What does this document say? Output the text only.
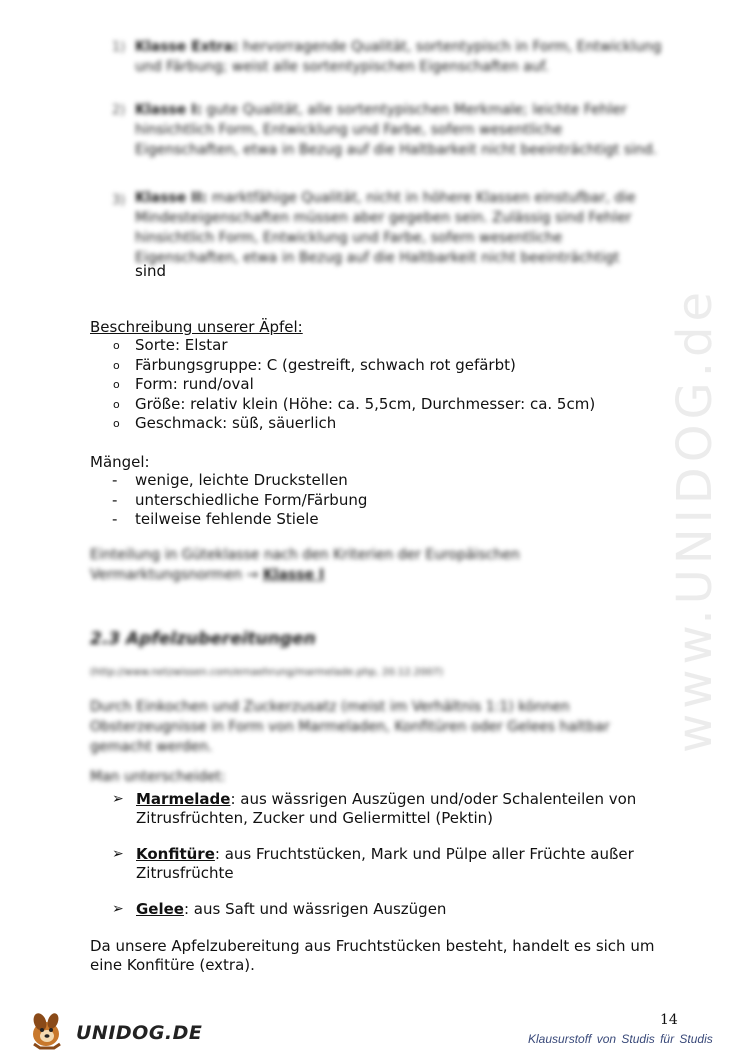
www.UNIDOG.de
1) Klasse Extra: hervorragende Qualität, sortentypisch in Form, Entwicklung und Färbung; weist alle sortentypischen Eigenschaften auf.
2) Klasse I: gute Qualität, alle sortentypischen Merkmale; leichte Fehler hinsichtlich Form, Entwicklung und Farbe, sofern wesentliche Eigenschaften, etwa in Bezug auf die Haltbarkeit nicht beeinträchtigt sind.
3) Klasse II: marktfähige Qualität, nicht in höhere Klassen einstufbar, die Mindesteigenschaften müssen aber gegeben sein. Zulässig sind Fehler hinsichtlich Form, Entwicklung und Farbe, sofern wesentliche Eigenschaften, etwa in Bezug auf die Haltbarkeit nicht beeinträchtigt
sind
Beschreibung unserer Äpfel:
o Sorte: Elstar
o Färbungsgruppe: C (gestreift, schwach rot gefärbt)
o Form: rund/oval
o Größe: relativ klein (Höhe: ca. 5,5cm, Durchmesser: ca. 5cm)
o Geschmack: süß, säuerlich
Mängel:
- wenige, leichte Druckstellen
- unterschiedliche Form/Färbung
- teilweise fehlende Stiele
Einteilung in Güteklasse nach den Kriterien der Europäischen Vermarktungsnormen → Klasse I
2.3 Apfelzubereitungen
(http://www.netzwissen.com/ernaehrung/marmelade.php, 20.12.2007)
Durch Einkochen und Zuckerzusatz (meist im Verhältnis 1:1) können Obsterzeugnisse in Form von Marmeladen, Konfitüren oder Gelees haltbar gemacht werden.
Man unterscheidet:
➢ Marmelade: aus wässrigen Auszügen und/oder Schalenteilen von Zitrusfrüchten, Zucker und Geliermittel (Pektin)
➢ Konfitüre: aus Fruchtstücken, Mark und Pülpe aller Früchte außer Zitrusfrüchte
➢ Gelee: aus Saft und wässrigen Auszügen
Da unsere Apfelzubereitung aus Fruchtstücken besteht, handelt es sich um eine Konfitüre (extra).
UNIDOG.DE
14
Klausurstoff von Studis für Studis
